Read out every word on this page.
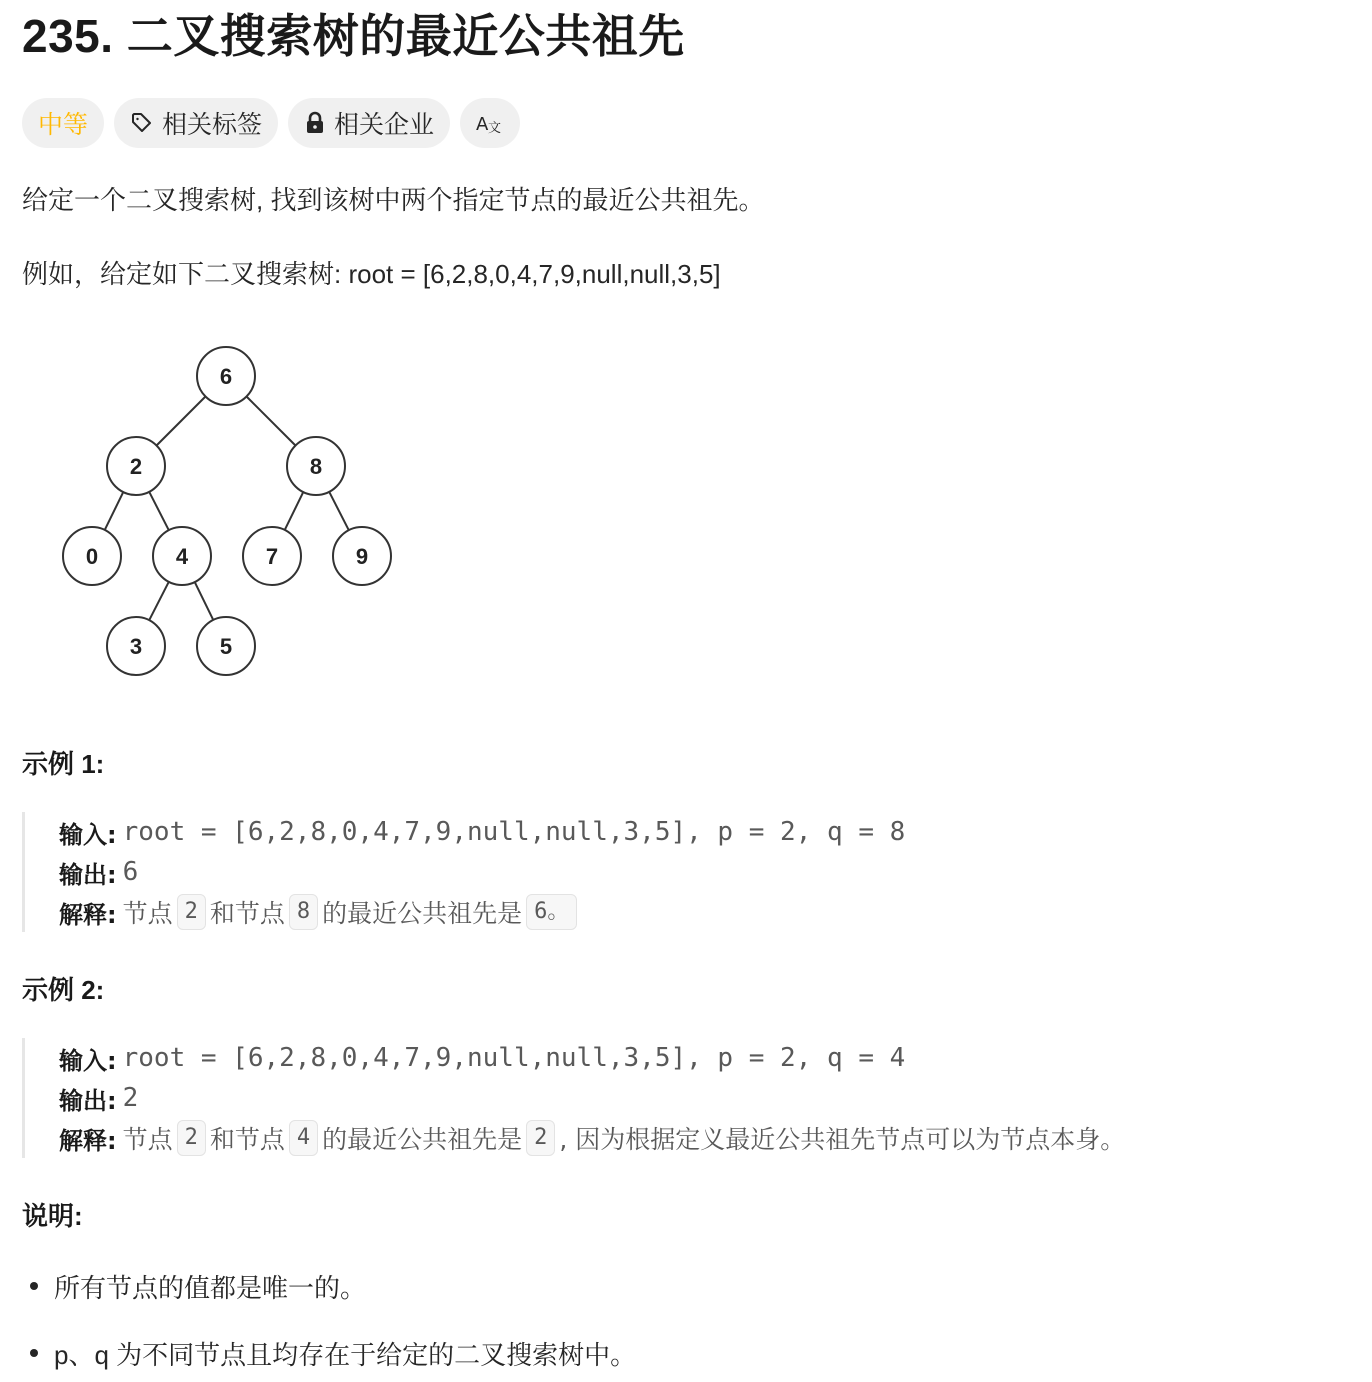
235. 二叉搜索树的最近公共祖先
中等	相关标签	相关企业 A 文
给定一个二叉搜索树, 找到该树中两个指定节点的最近公共祖先。
例如，给定如下二叉搜索树: root = [6,2,8,0,4,7,9,null,null,3,5]
6
2	8
0	4	7	9
3	5
示例 1:
输入: root = [6,2,8,0,4,7,9,null,null,3,5], p = 2, q = 8
输出: 6
解释: 节点 2 和节点 8 的最近公共祖先是 6。
示例 2:
输入: root = [6,2,8,0,4,7,9,null,null,3,5], p = 2, q = 4
输出: 2
解释: 节点 2 和节点 4 的最近公共祖先是 2 , 因为根据定义最近公共祖先节点可以为节点本身。
说明:
所有节点的值都是唯一的。
p、q 为不同节点且均存在于给定的二叉搜索树中。
